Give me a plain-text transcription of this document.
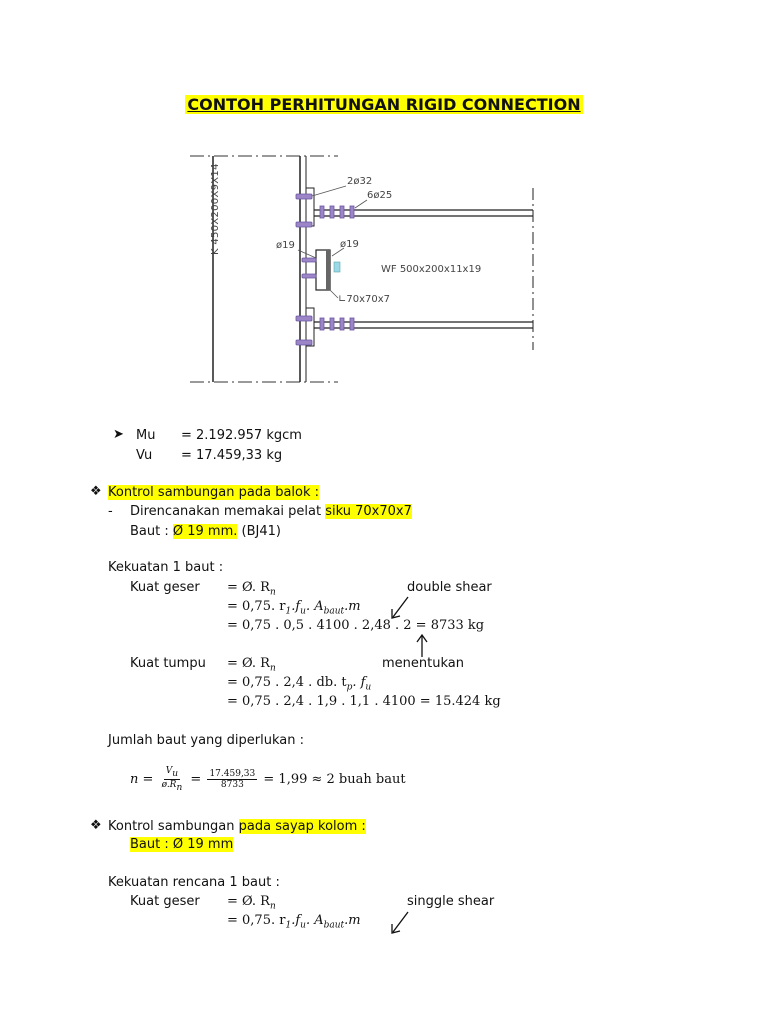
CONTOH PERHITUNGAN RIGID CONNECTION
K 450X200X9X14	2ø32
6ø25
ø19	ø19
WF 500x200x11x19
∟70x70x7
➤ Mu = 2.192.957 kgcm
Vu = 17.459,33 kg
❖ Kontrol sambungan pada balok :
- Direncanakan memakai pelat siku 70x70x7
Baut : Ø 19 mm. (BJ41)
Kekuatan 1 baut :
Kuat geser = Ø. $R_n$	double shear
= 0,75. $r_1.f_u$. $A_{baut}.m$
= 0,75 . 0,5 . 4100 . 2,48 . 2 = 8733 kg
Kuat tumpu = Ø. $R_n$	menentukan
= 0,75 . 2,4 . db. $t_p$. $f_u$
= 0,75 . 2,4 . 1,9 . 1,1 . 4100 = 15.424 kg
Jumlah baut yang diperlukan :
$n = \frac{V_u}{ø.R_n} = \frac{17.459,33}{8733} = 1,99 \approx 2$ buah baut
❖ Kontrol sambungan pada sayap kolom :
Baut : Ø 19 mm
Kekuatan rencana 1 baut :
Kuat geser = Ø. $R_n$	singgle shear
= 0,75. $r_1.f_u$. $A_{baut}.m$
